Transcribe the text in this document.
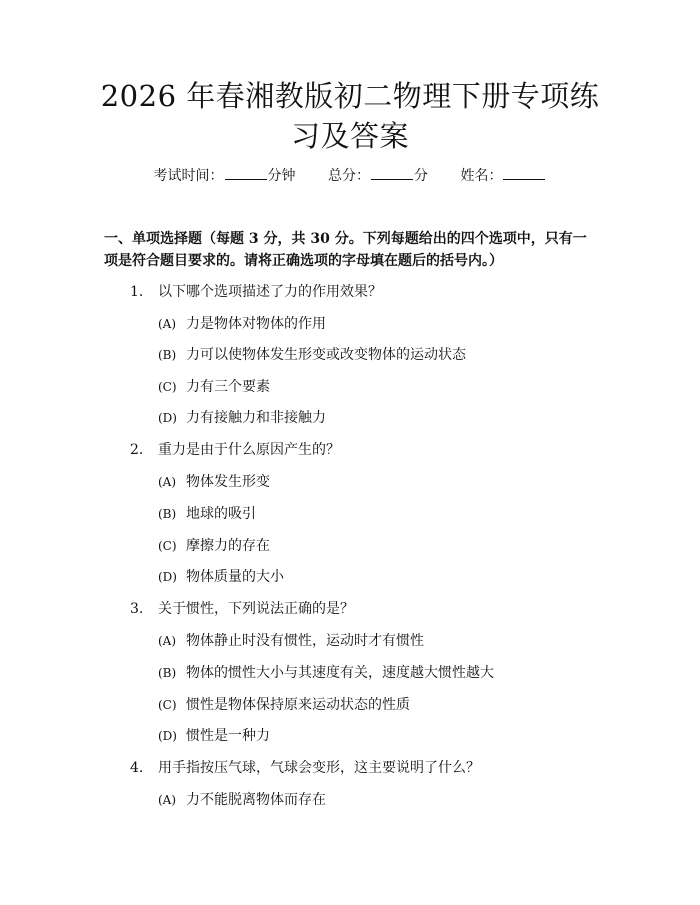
2026 年春湘教版初二物理下册专项练习及答案
考试时间：	分钟 总分：	分 姓名：
一、单项选择题（每题 3 分，共 30 分。下列每题给出的四个选项中，只有一项是符合题目要求的。请将正确选项的字母填在题后的括号内。）
1. 以下哪个选项描述了力的作用效果？
(A) 力是物体对物体的作用
(B) 力可以使物体发生形变或改变物体的运动状态
(C) 力有三个要素
(D) 力有接触力和非接触力
2. 重力是由于什么原因产生的？
(A) 物体发生形变
(B) 地球的吸引
(C) 摩擦力的存在
(D) 物体质量的大小
3. 关于惯性，下列说法正确的是？
(A) 物体静止时没有惯性，运动时才有惯性
(B) 物体的惯性大小与其速度有关，速度越大惯性越大
(C) 惯性是物体保持原来运动状态的性质
(D) 惯性是一种力
4. 用手指按压气球，气球会变形，这主要说明了什么？
(A) 力不能脱离物体而存在
